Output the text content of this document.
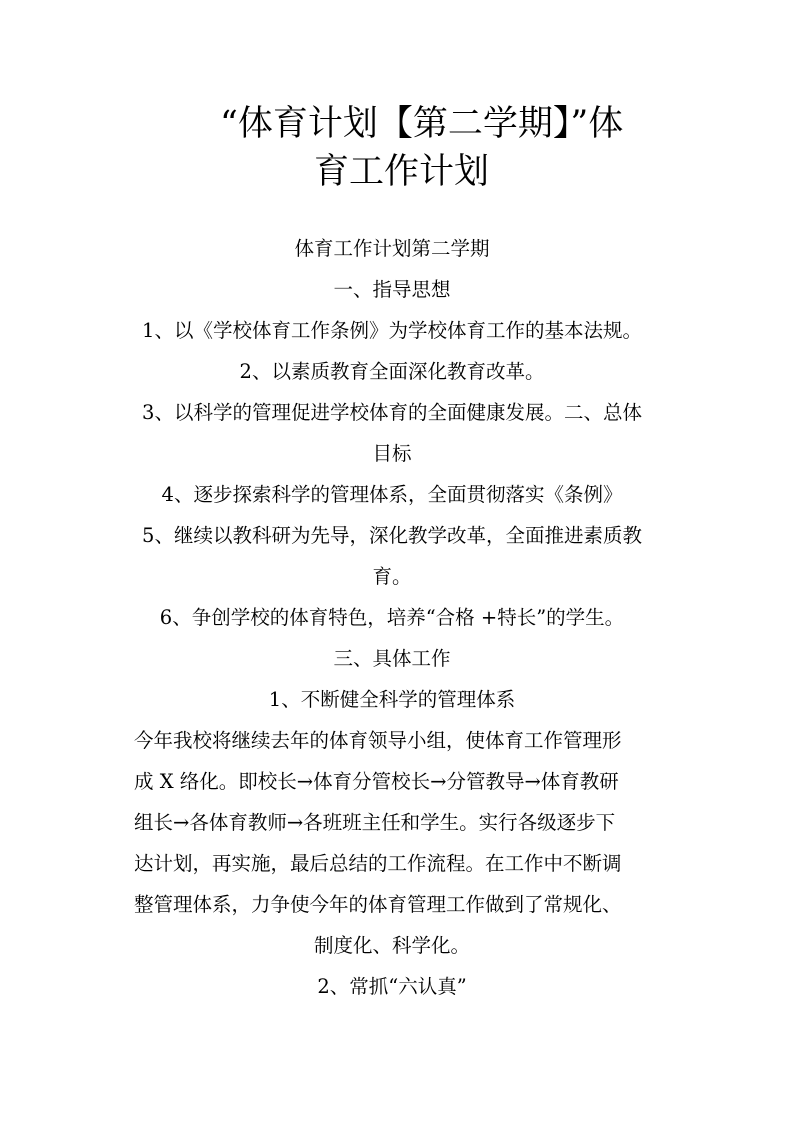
“体育计划【第二学期】”体
育工作计划
体育工作计划第二学期
一、指导思想
1、以《学校体育工作条例》为学校体育工作的基本法规。
2、以素质教育全面深化教育改革。
3、以科学的管理促进学校体育的全面健康发展。二、总体
目标
4、逐步探索科学的管理体系，全面贯彻落实《条例》
5、继续以教科研为先导，深化教学改革，全面推进素质教
育。
6、争创学校的体育特色，培养“合格 +特长”的学生。
三、具体工作
1、不断健全科学的管理体系
今年我校将继续去年的体育领导小组，使体育工作管理形
成 X 络化。即校长→体育分管校长→分管教导→体育教研
组长→各体育教师→各班班主任和学生。实行各级逐步下
达计划，再实施，最后总结的工作流程。在工作中不断调
整管理体系，力争使今年的体育管理工作做到了常规化、
制度化、科学化。
2、常抓“六认真”
